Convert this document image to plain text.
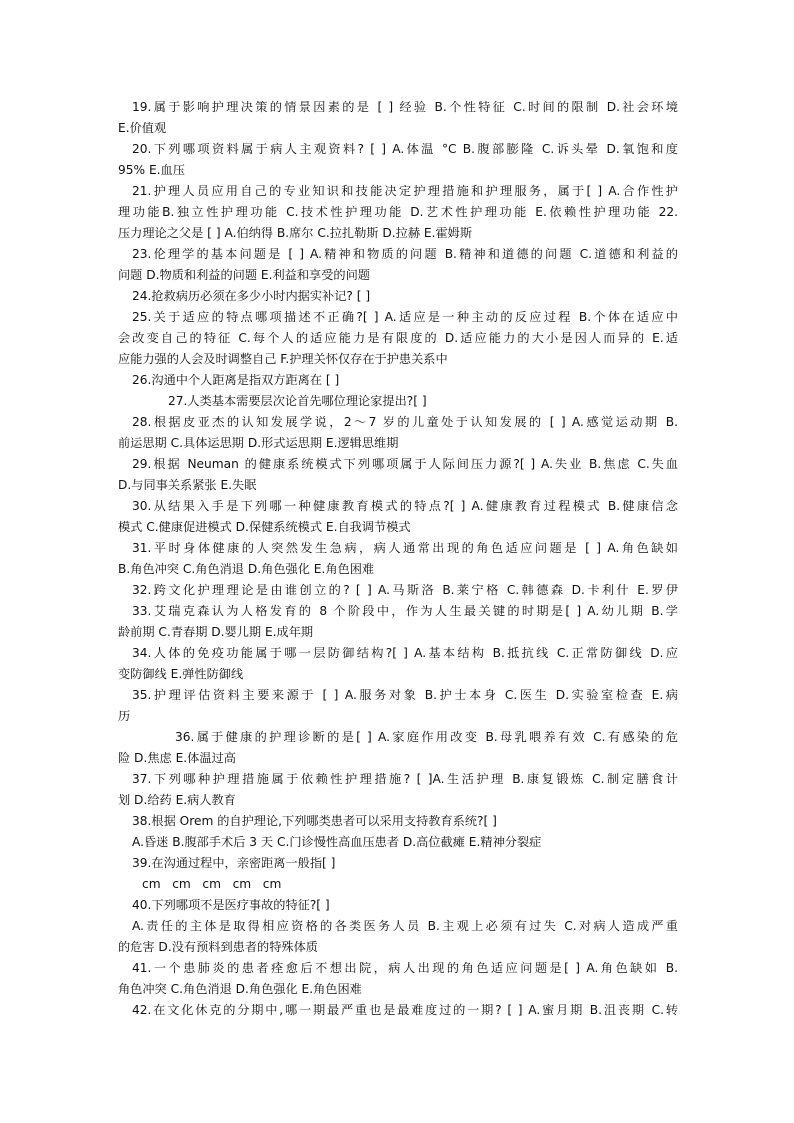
19.属于影响护理决策的情景因素的是 [ ] 经验 B.个性特征 C.时间的限制 D.社会环境
E.价值观
20.下列哪项资料属于病人主观资料? [ ] A.体温 °C B.腹部膨隆 C.诉头晕 D.氧饱和度
95% E.血压
21.护理人员应用自己的专业知识和技能决定护理措施和护理服务，属于[ ] A.合作性护
理功能B.独立性护理功能 C.技术性护理功能 D.艺术性护理功能 E.依赖性护理功能 22.
压力理论之父是 [ ] A.伯纳得 B.席尔 C.拉扎勒斯 D.拉赫 E.霍姆斯
23.伦理学的基本问题是 [ ] A.精神和物质的问题 B.精神和道德的问题 C.道德和利益的
问题 D.物质和利益的问题 E.利益和享受的问题
24.抢救病历必须在多少小时内据实补记? [ ]
25.关于适应的特点哪项描述不正确?[ ] A.适应是一种主动的反应过程 B.个体在适应中
会改变自己的特征 C.每个人的适应能力是有限度的 D.适应能力的大小是因人而异的 E.适
应能力强的人会及时调整自己 F.护理关怀仅存在于护患关系中
26.沟通中个人距离是指双方距离在 [ ]
27.人类基本需要层次论首先哪位理论家提出?[ ]
28.根据皮亚杰的认知发展学说，2～7 岁的儿童处于认知发展的 [ ] A.感觉运动期 B.
前运思期 C.具体运思期 D.形式运思期 E.逻辑思维期
29.根据 Neuman 的健康系统模式下列哪项属于人际间压力源?[ ] A.失业 B.焦虑 C.失血
D.与同事关系紧张 E.失眠
30.从结果入手是下列哪一种健康教育模式的特点?[ ] A.健康教育过程模式 B.健康信念
模式 C.健康促进模式 D.保健系统模式 E.自我调节模式
31.平时身体健康的人突然发生急病，病人通常出现的角色适应问题是 [ ] A.角色缺如
B.角色冲突 C.角色消退 D.角色强化 E.角色困难
32.跨文化护理理论是由谁创立的? [ ] A.马斯洛 B.莱宁格 C.韩德森 D.卡利什 E.罗伊
33.艾瑞克森认为人格发育的 8 个阶段中，作为人生最关键的时期是[ ] A.幼儿期 B.学
龄前期 C.青春期 D.婴儿期 E.成年期
34.人体的免疫功能属于哪一层防御结构?[ ] A.基本结构 B.抵抗线 C.正常防御线 D.应
变防御线 E.弹性防御线
35.护理评估资料主要来源于 [ ] A.服务对象 B.护士本身 C.医生 D.实验室检查 E.病
历
36.属于健康的护理诊断的是[ ] A.家庭作用改变 B.母乳喂养有效 C.有感染的危
险 D.焦虑 E.体温过高
37.下列哪种护理措施属于依赖性护理措施? [ ]A.生活护理 B.康复锻炼 C.制定膳食计
划 D.给药 E.病人教育
38.根据 Orem 的自护理论,下列哪类患者可以采用支持教育系统?[ ]
A.昏迷 B.腹部手术后 3 天 C.门诊慢性高血压患者 D.高位截瘫 E.精神分裂症
39.在沟通过程中，亲密距离一般指[ ]
cm   cm   cm   cm   cm
40.下列哪项不是医疗事故的特征?[ ]
A.责任的主体是取得相应资格的各类医务人员 B.主观上必须有过失 C.对病人造成严重
的危害 D.没有预料到患者的特殊体质
41.一个患肺炎的患者痊愈后不想出院，病人出现的角色适应问题是[ ] A.角色缺如 B.
角色冲突 C.角色消退 D.角色强化 E.角色困难
42.在文化休克的分期中,哪一期最严重也是最难度过的一期? [ ] A.蜜月期 B.沮丧期 C.转
